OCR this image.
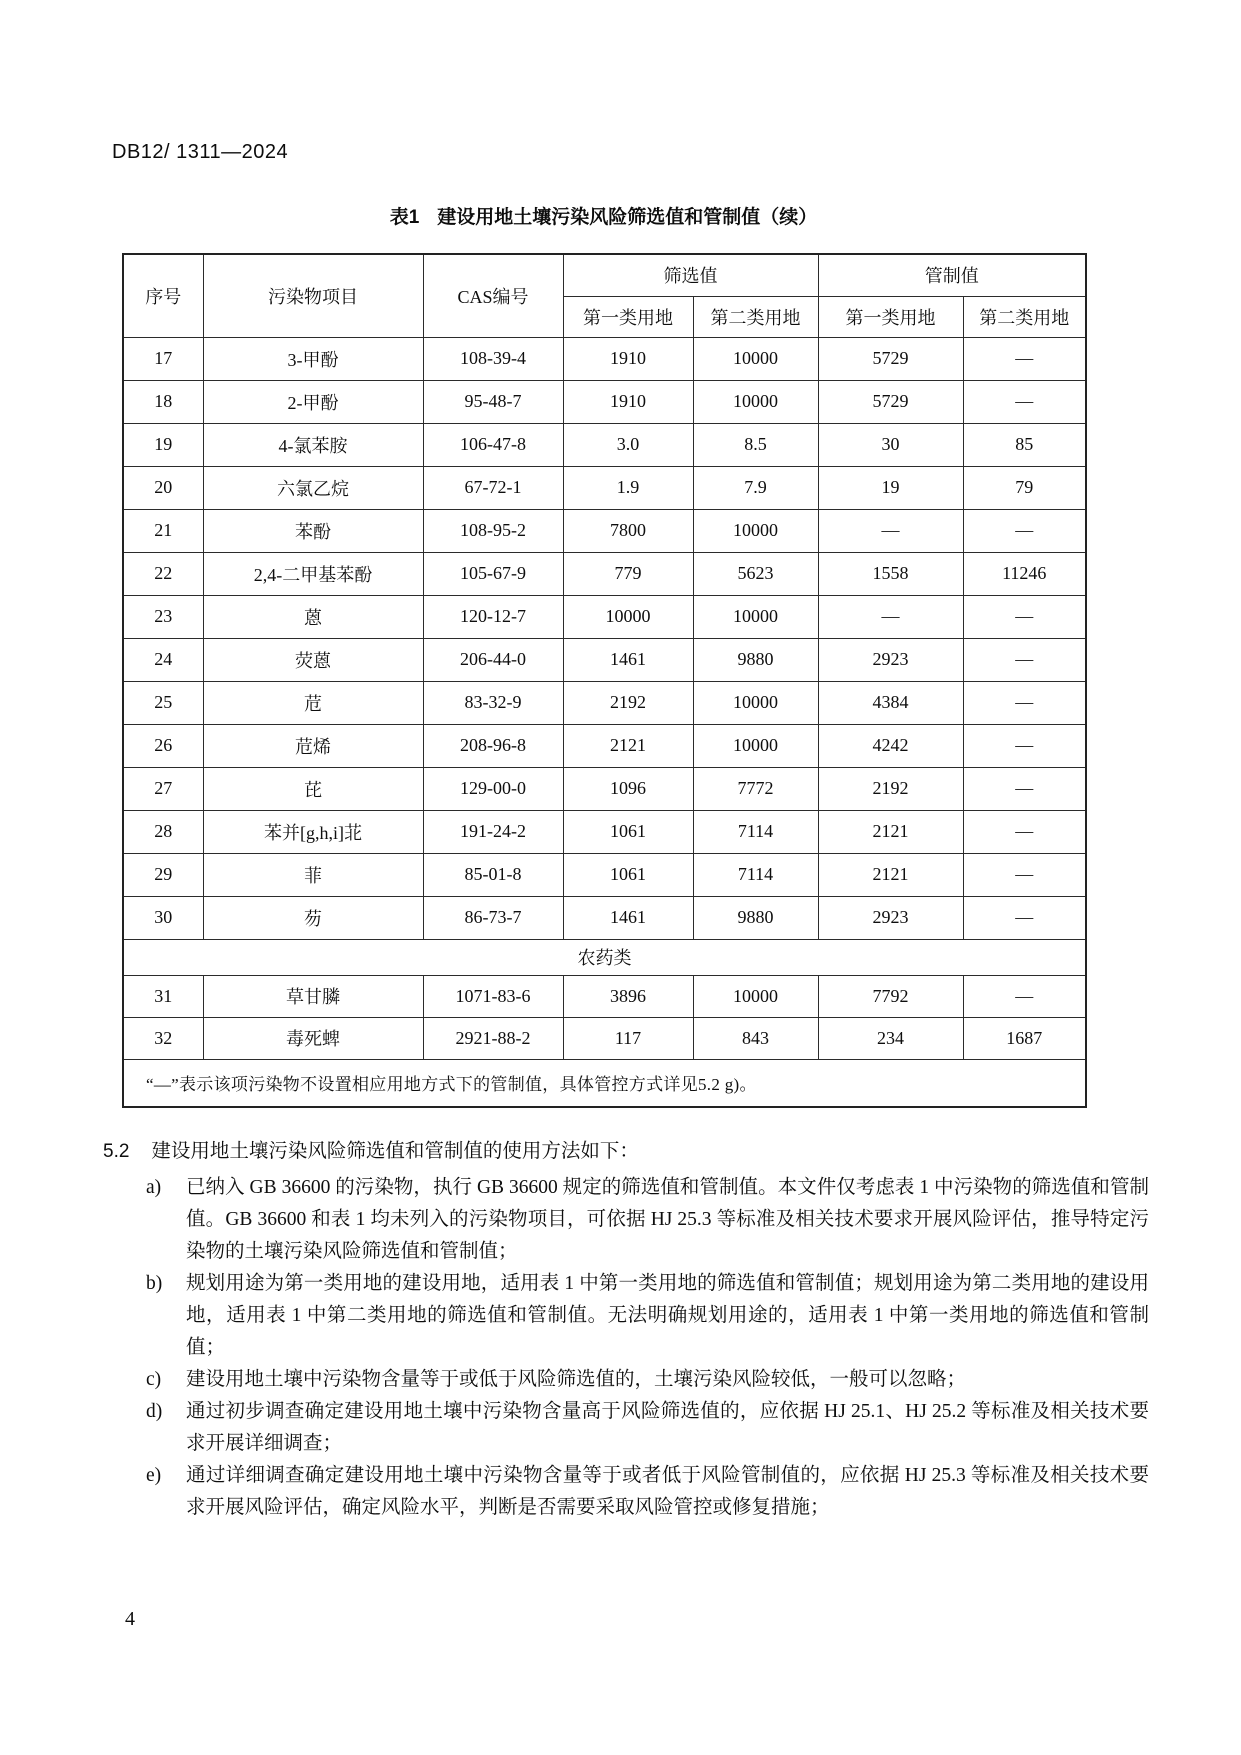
DB12/ 1311—2024
表1 建设用地土壤污染风险筛选值和管制值（续）
序号	污染物项目	CAS编号	筛选值		管制值	
			第一类用地	第二类用地	第一类用地	第二类用地
17	3-甲酚	108-39-4	1910	10000	5729	—
18	2-甲酚	95-48-7	1910	10000	5729	—
19	4-氯苯胺	106-47-8	3.0	8.5	30	85
20	六氯乙烷	67-72-1	1.9	7.9	19	79
21	苯酚	108-95-2	7800	10000	—	—
22	2,4-二甲基苯酚	105-67-9	779	5623	1558	11246
23	蒽	120-12-7	10000	10000	—	—
24	荧蒽	206-44-0	1461	9880	2923	—
25	苊	83-32-9	2192	10000	4384	—
26	苊烯	208-96-8	2121	10000	4242	—
27	芘	129-00-0	1096	7772	2192	—
28	苯并[g,h,i]苝	191-24-2	1061	7114	2121	—
29	菲	85-01-8	1061	7114	2121	—
30	芴	86-73-7	1461	9880	2923	—
农药类						
31	草甘膦	1071-83-6	3896	10000	7792	—
32	毒死蜱	2921-88-2	117	843	234	1687
“—”表示该项污染物不设置相应用地方式下的管制值，具体管控方式详见5.2 g)。						
5.2 建设用地土壤污染风险筛选值和管制值的使用方法如下：
a) 已纳入 GB 36600 的污染物，执行 GB 36600 规定的筛选值和管制值。本文件仅考虑表 1 中污染物的筛选值和管制值。GB 36600 和表 1 均未列入的污染物项目，可依据 HJ 25.3 等标准及相关技术要求开展风险评估，推导特定污染物的土壤污染风险筛选值和管制值；
b) 规划用途为第一类用地的建设用地，适用表 1 中第一类用地的筛选值和管制值；规划用途为第二类用地的建设用地，适用表 1 中第二类用地的筛选值和管制值。无法明确规划用途的，适用表 1 中第一类用地的筛选值和管制值；
c) 建设用地土壤中污染物含量等于或低于风险筛选值的，土壤污染风险较低，一般可以忽略；
d) 通过初步调查确定建设用地土壤中污染物含量高于风险筛选值的，应依据 HJ 25.1、HJ 25.2 等标准及相关技术要求开展详细调查；
e) 通过详细调查确定建设用地土壤中污染物含量等于或者低于风险管制值的，应依据 HJ 25.3 等标准及相关技术要求开展风险评估，确定风险水平，判断是否需要采取风险管控或修复措施；
4
